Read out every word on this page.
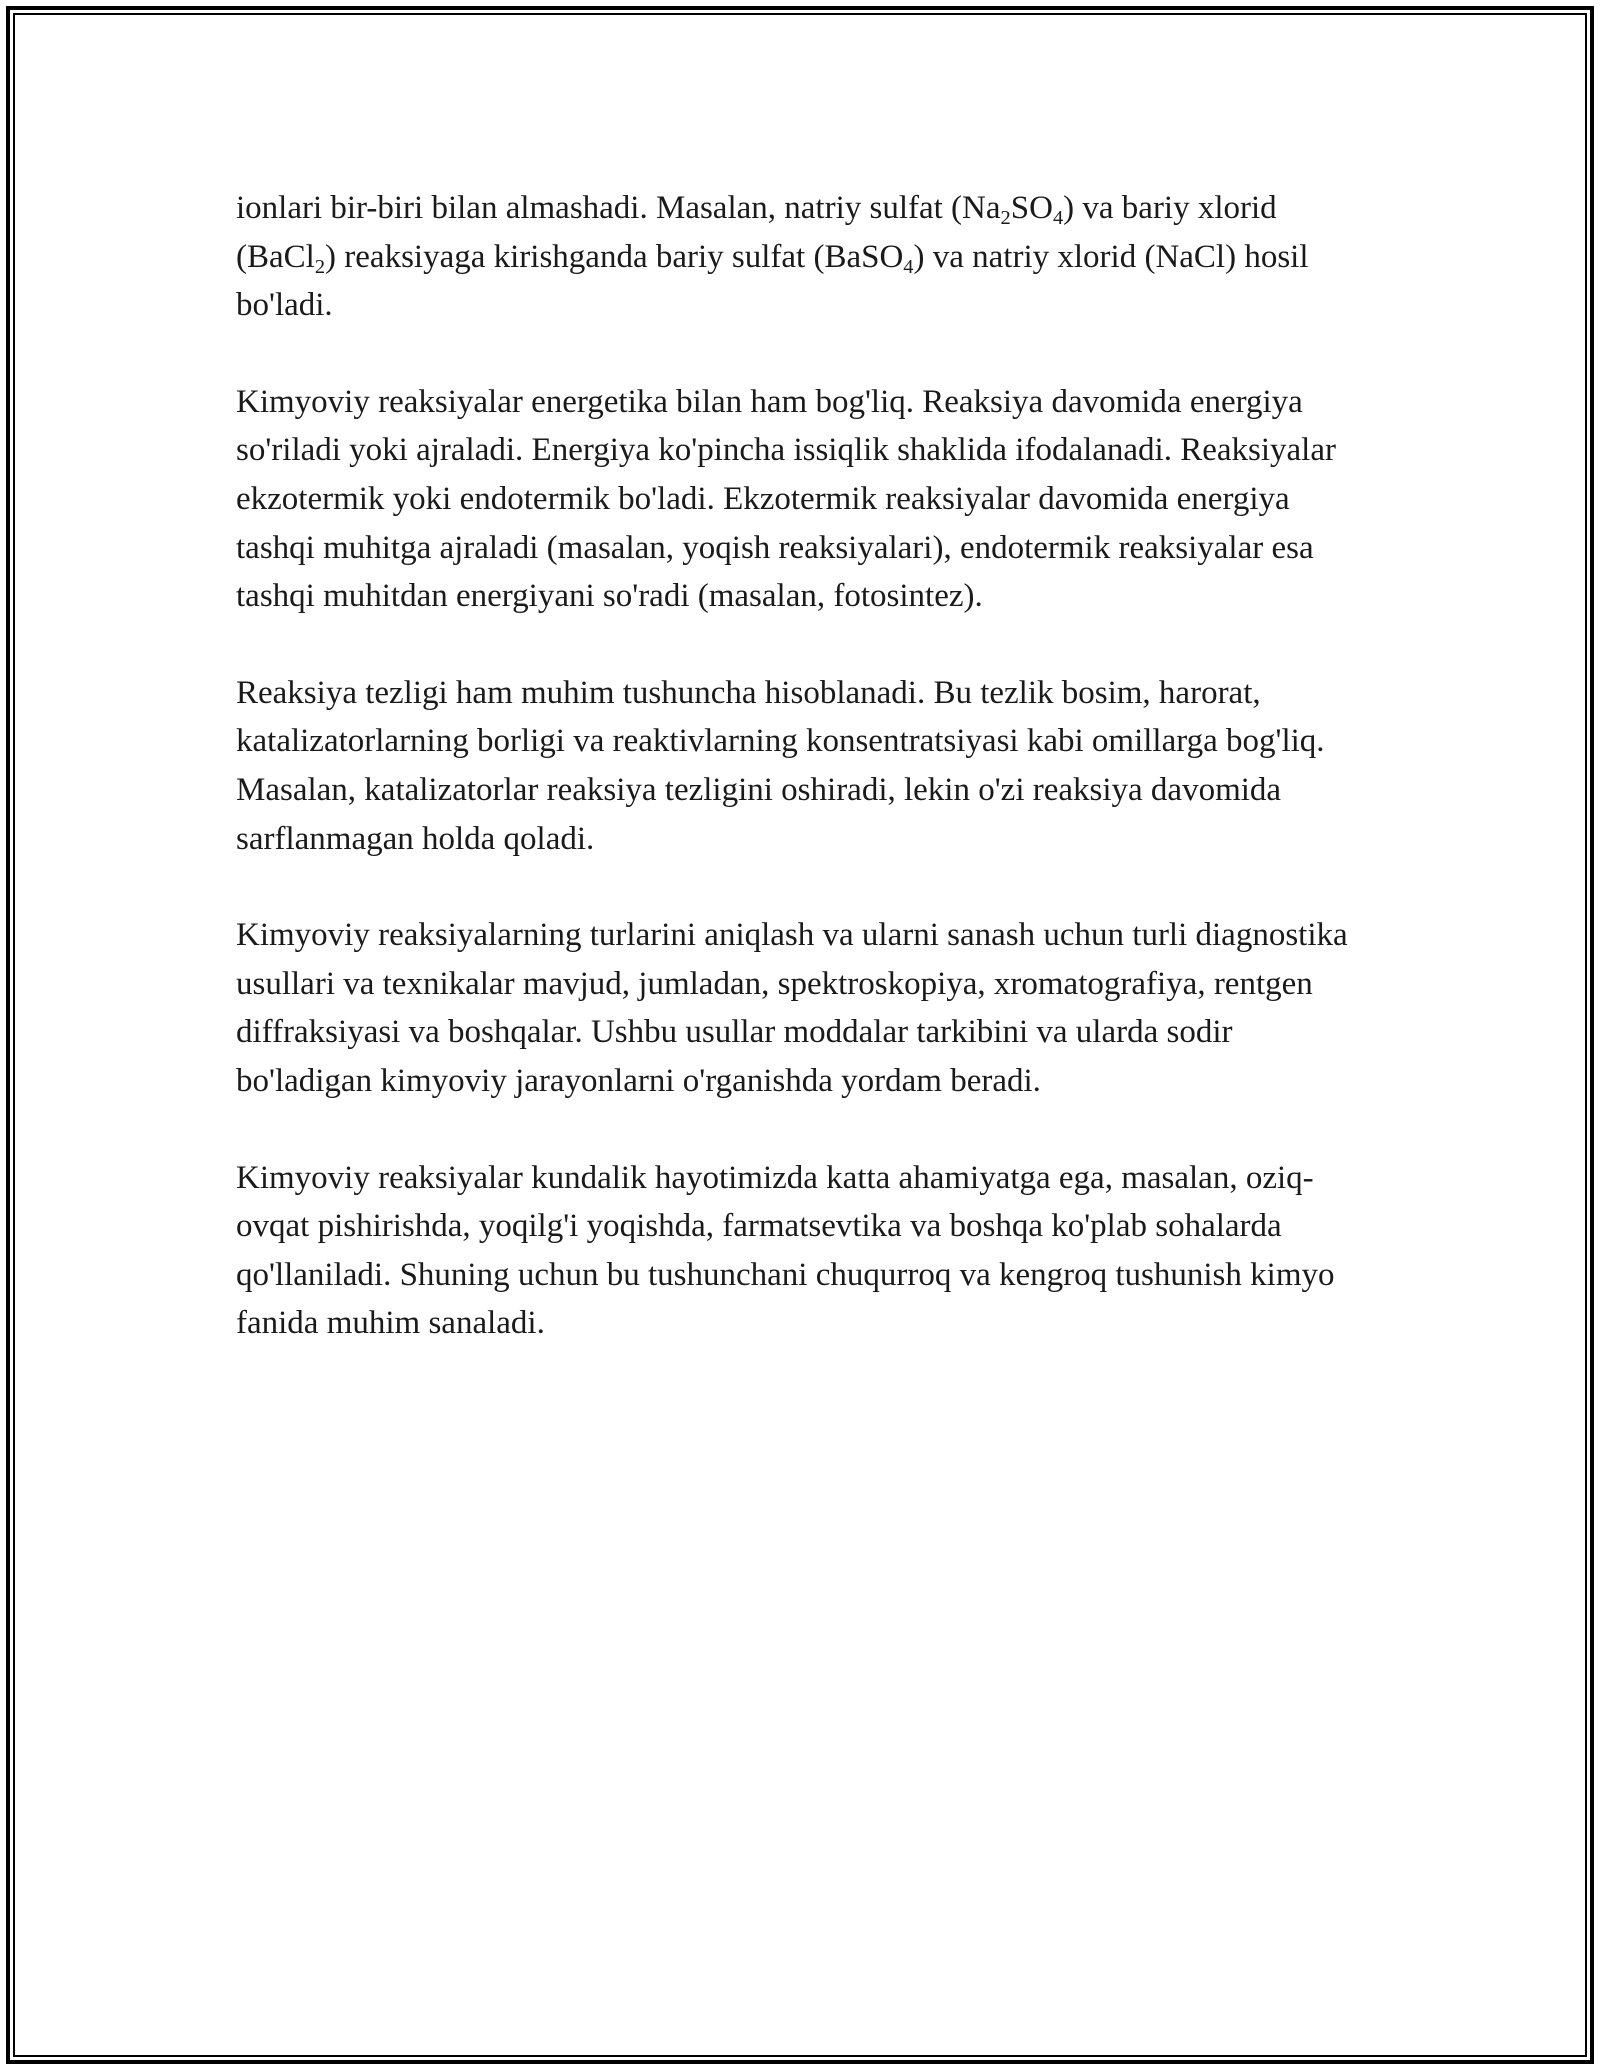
ionlari bir-biri bilan almashadi. Masalan, natriy sulfat $(Na_2SO_4)$ va bariy xlorid (BaCl$_2$) reaksiyaga kirishganda bariy sulfat (BaSO$_4$) va natriy xlorid (NaCl) hosil bo'ladi.

Kimyoviy reaksiyalar energetika bilan ham bog'liq. Reaksiya davomida energiya so'riladi yoki ajraladi. Energiya ko'pincha issiqlik shaklida ifodalanadi. Reaksiyalar ekzotermik yoki endotermik bo'ladi. Ekzotermik reaksiyalar davomida energiya tashqi muhitga ajraladi (masalan, yoqish reaksiyalari), endotermik reaksiyalar esa tashqi muhitdan energiyani so'radi (masalan, fotosintez).

Reaksiya tezligi ham muhim tushuncha hisoblanadi. Bu tezlik bosim, harorat, katalizatorlarning borligi va reaktivlarning konsentratsiyasi kabi omillarga bog'liq. Masalan, katalizatorlar reaksiya tezligini oshiradi, lekin o'zi reaksiya davomida sarflanmagan holda qoladi.

Kimyoviy reaksiyalarning turlarini aniqlash va ularni sanash uchun turli diagnostika usullari va texnikalar mavjud, jumladan, spektroskopiya, xromatografiya, rentgen diffraksiyasi va boshqalar. Ushbu usullar moddalar tarkibini va ularda sodir bo'ladigan kimyoviy jarayonlarni o'rganishda yordam beradi.

Kimyoviy reaksiyalar kundalik hayotimizda katta ahamiyatga ega, masalan, oziq-ovqat pishirishda, yoqilg'i yoqishda, farmatsevtika va boshqa ko'plab sohalarda qo'llaniladi. Shuning uchun bu tushunchani chuqurroq va kengroq tushunish kimyo fanida muhim sanaladi.
